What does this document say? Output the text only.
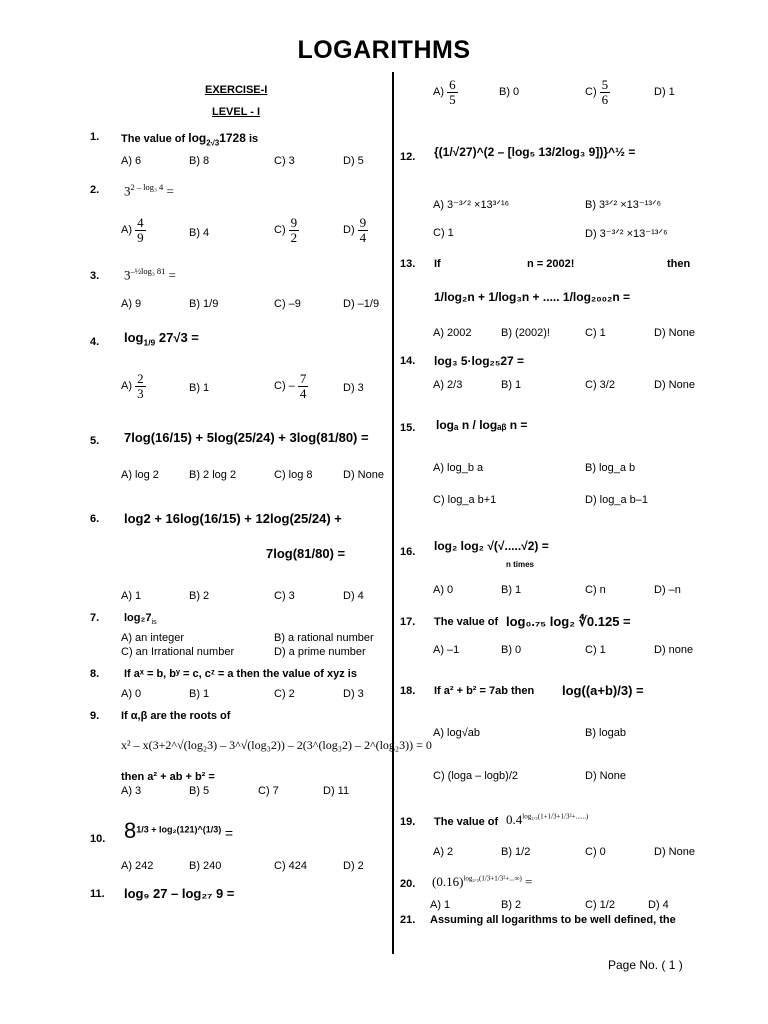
LOGARITHMS
EXERCISE-I
LEVEL - I
1. The value of $\log_{2√3}1728$ is
A) 6	B) 8	C) 3	D) 5
2. $3^{2 - log_3 4}$ =
$A) \frac{4}{9}$	B) 4	$C) \frac{9}{2}$	$D) \frac{9}{4}$
3. $3^{-\frac{1}{2}log_3 81}$ =
A) 9	B) 1/9	C) –9	D) –1/9
4. $\log_{1/9} 27√3$ =
$A) \frac{2}{3}$	B) 1	$C) - \frac{7}{4}$	D) 3
5. 7log(16/15) + 5log(25/24) + 3log(81/80) =
A) log 2	B) 2 log 2	C) log 8	D) None
6. log2 + 16log(16/15) + 12log(25/24) +
7log(81/80) =
A) 1	B) 2	C) 3	D) 4
7. $\log_27_{is}$
A) an integer	B) a rational number
C) an Irrational number	D) a prime number
8. If aˣ = b, bʸ = c, cᶻ = a then the value of xyz is
A) 0	B) 1	C) 2	D) 3
9. If α,β are the roots of
x² – x(3+2^√(log₂3) – 3^√(log₃2)) – 2(3^(log₃2) – 2^(log₂3)) = 0
then a² + ab + b² =
A) 3	B) 5	C) 7	D) 11
10. $8^{1/3 + log_2(121)\^{}(1/3)}$ =
A) 242	B) 240	C) 424	D) 2
11. log₉ 27 – log₂₇ 9 =
$A) \frac{6}{5}$	B) 0	$C) \frac{5}{6}$	D) 1
12. {(1/√27)^(2 – [log₅ 13/2log₃ 9])}^½ =
A) 3⁻³ᐟ² ×13³ᐟ¹⁶	B) 3³ᐟ² ×13⁻¹³ᐟ⁶
C) 1	D) 3⁻³ᐟ² ×13⁻¹³ᐟ⁶
13. If	n = 2002!	then
1/log₂n + 1/log₃n + ..... 1/log₂₀₀₂n =
A) 2002	B) (2002)!	C) 1	D) None
14. log₃ 5·log₂₅27 =
A) 2/3	B) 1	C) 3/2	D) None
15. logₐ n / logₐᵦ n =
A) log_b a	B) log_a b
C) log_a b+1	D) log_a b–1
16. log₂ log₂ √(√.....√2) =
n times
A) 0	B) 1	C) n	D) –n
17. The value of log₀.₇₅ log₂ ∜0.125 =
A) –1	B) 0	C) 1	D) none
18. If a² + b² = 7ab then log((a+b)/3) =
A) log√ab	B) logab
C) (loga – logb)/2	D) None
19. The value of $0.4^{log_2._5(1+1/3+1/3^2+......)}$
A) 2	B) 1/2	C) 0	D) None
20. $(0.16)^{log_2._5(1/3+1/3^2+...\infty)}$ =
A) 1	B) 2	C) 1/2	D) 4
21. Assuming all logarithms to be well defined, the
Page No. ( 1 )
